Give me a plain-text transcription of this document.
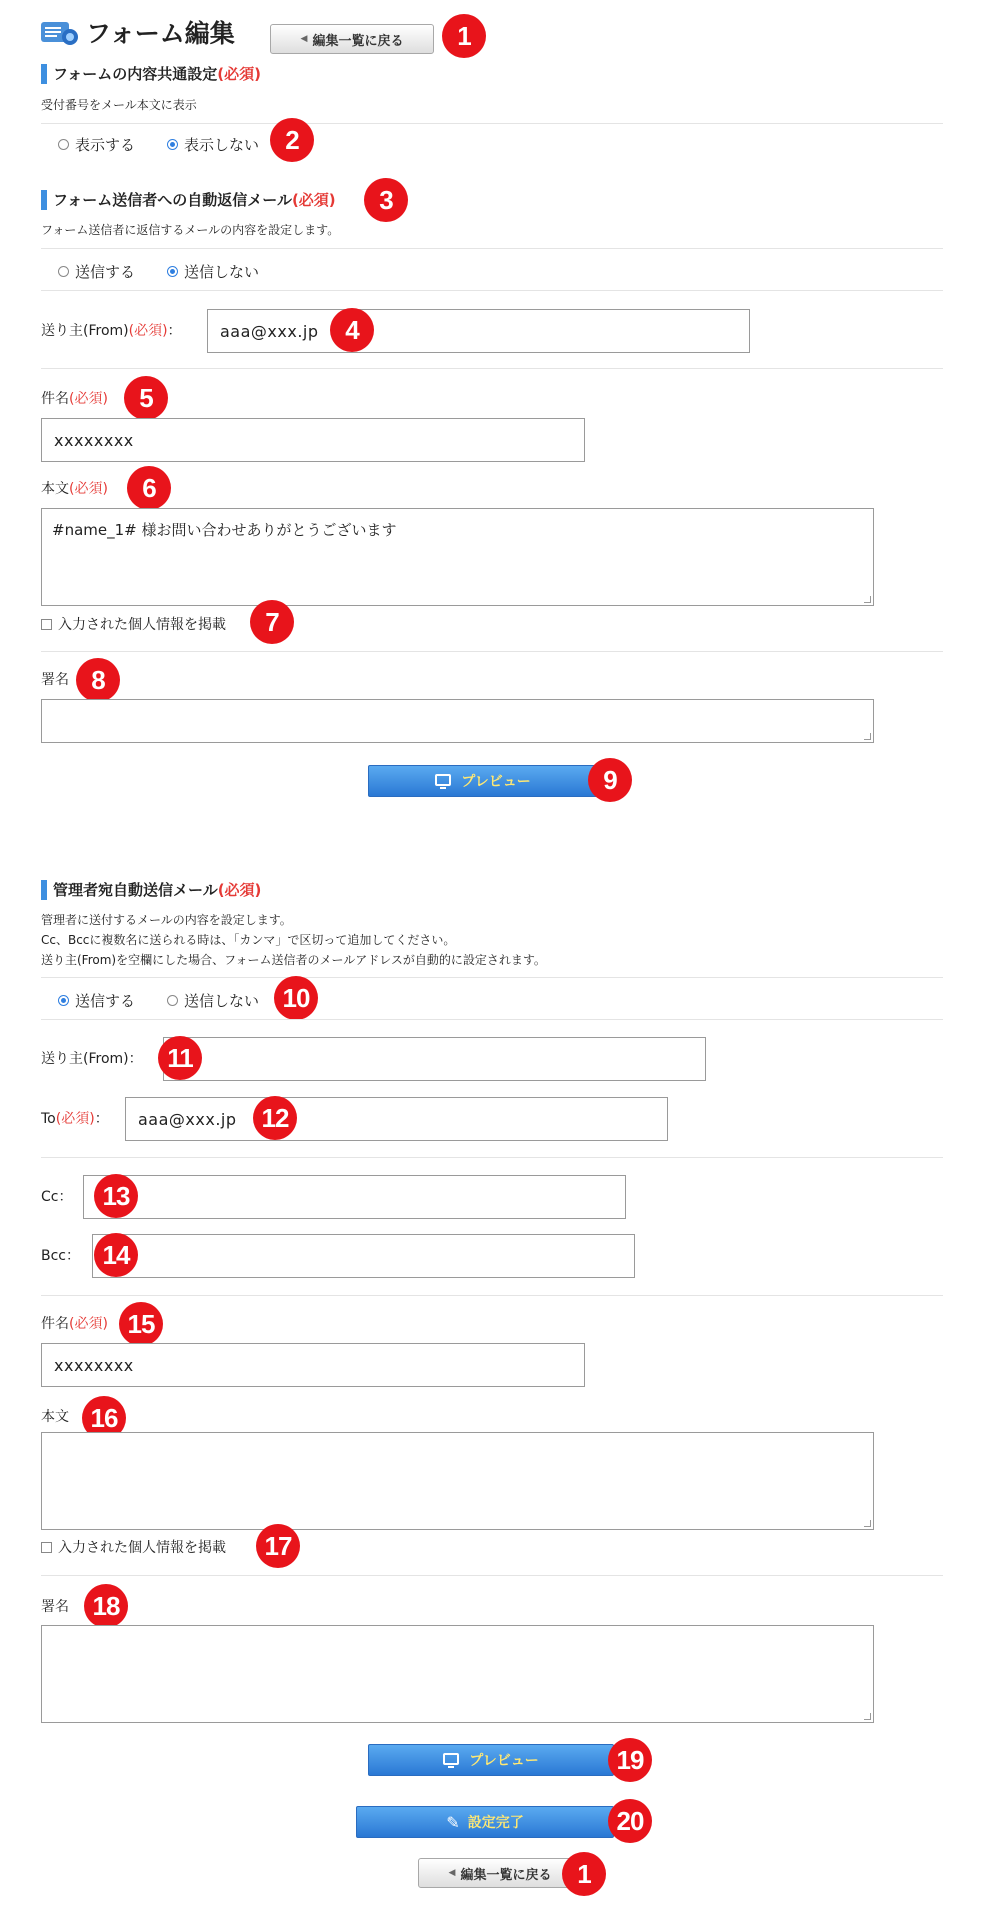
フォーム編集	◀ 編集一覧に戻る	1
フォームの内容共通設定(必須)
受付番号をメール本文に表示
表示する	表示しない	2
フォーム送信者への自動返信メール(必須)	3
フォーム送信者に返信するメールの内容を設定します。
送信する	送信しない
送り主(From)(必須)：	aaa@xxx.jp	4
件名(必須)	5
xxxxxxxx
本文(必須)	6
#name_1# 様お問い合わせありがとうございます
入力された個人情報を掲載	7
署名 8
プレビュー	9
管理者宛自動送信メール(必須)
管理者に送付するメールの内容を設定します。
Cc、Bccに複数名に送られる時は、「カンマ」で区切って追加してください。
送り主(From)を空欄にした場合、フォーム送信者のメールアドレスが自動的に設定されます。
送信する	送信しない 10
送り主(From)： 11
To(必須)：	aaa@xxx.jp 12
Cc：	13
Bcc： 14
件名(必須) 15
xxxxxxxx
本文 16
入力された個人情報を掲載	17
署名 18
プレビュー	19
✎ 設定完了	20
◀ 編集一覧に戻る 1
